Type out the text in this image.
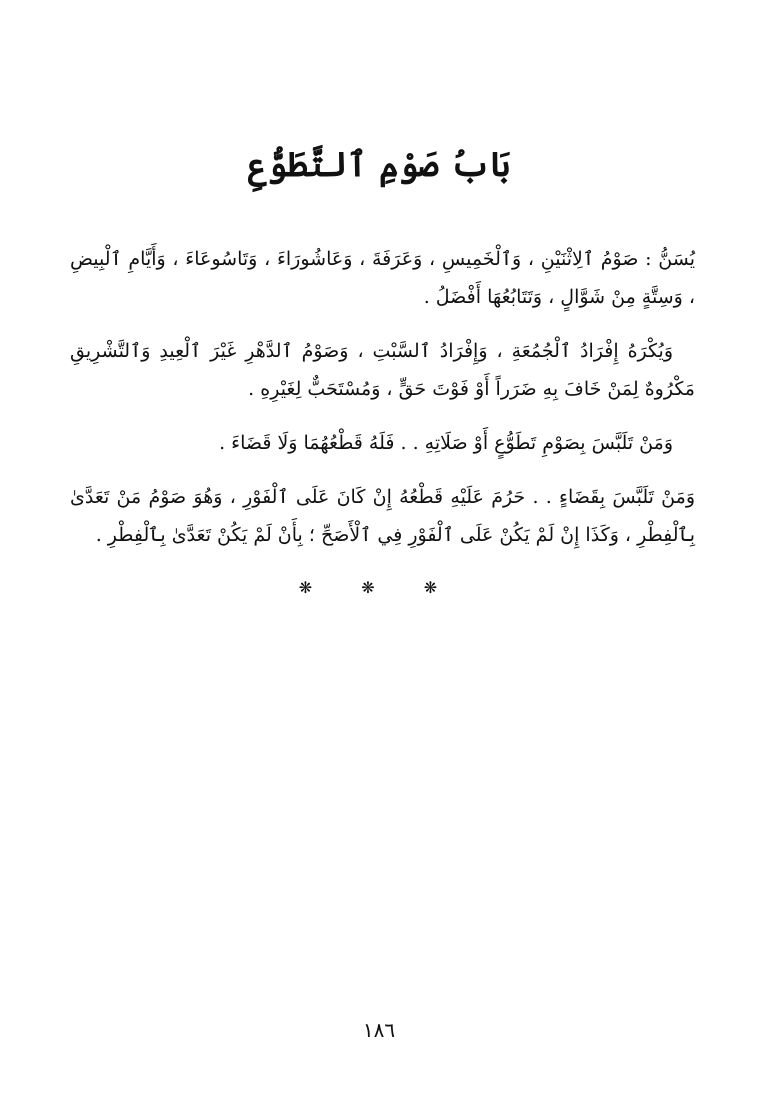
بَابُ صَوْمِ ٱلتَّطَوُّعِ

يُسَنُّ : صَوْمُ ٱلِاثْنَيْنِ ، وَٱلْخَمِيسِ ، وَعَرَفَةَ ، وَعَاشُورَاءَ ، وَتَاسُوعَاءَ ، وَأَيَّامِ ٱلْبِيضِ ، وَسِتَّةٍ مِنْ شَوَّالٍ ، وَتَتَابُعُهَا أَفْضَلُ .

وَيُكْرَهُ إِفْرَادُ ٱلْجُمُعَةِ ، وَإِفْرَادُ ٱلسَّبْتِ ، وَصَوْمُ ٱلدَّهْرِ غَيْرَ ٱلْعِيدِ وَٱلتَّشْرِيقِ مَكْرُوهٌ لِمَنْ خَافَ بِهِ ضَرَراً أَوْ فَوْتَ حَقٍّ ، وَمُسْتَحَبٌّ لِغَيْرِهِ .

وَمَنْ تَلَبَّسَ بِصَوْمِ تَطَوُّعٍ أَوْ صَلَاتِهِ . . فَلَهُ قَطْعُهُمَا وَلَا قَضَاءَ .

وَمَنْ تَلَبَّسَ بِقَضَاءٍ . . حَرُمَ عَلَيْهِ قَطْعُهُ إِنْ كَانَ عَلَى ٱلْفَوْرِ ، وَهُوَ صَوْمُ مَنْ تَعَدَّىٰ بِٱلْفِطْرِ ، وَكَذَا إِنْ لَمْ يَكُنْ عَلَى ٱلْفَوْرِ فِي ٱلْأَصَحِّ ؛ بِأَنْ لَمْ يَكُنْ تَعَدَّىٰ بِٱلْفِطْرِ .

❋ ❋ ❋
١٨٦
